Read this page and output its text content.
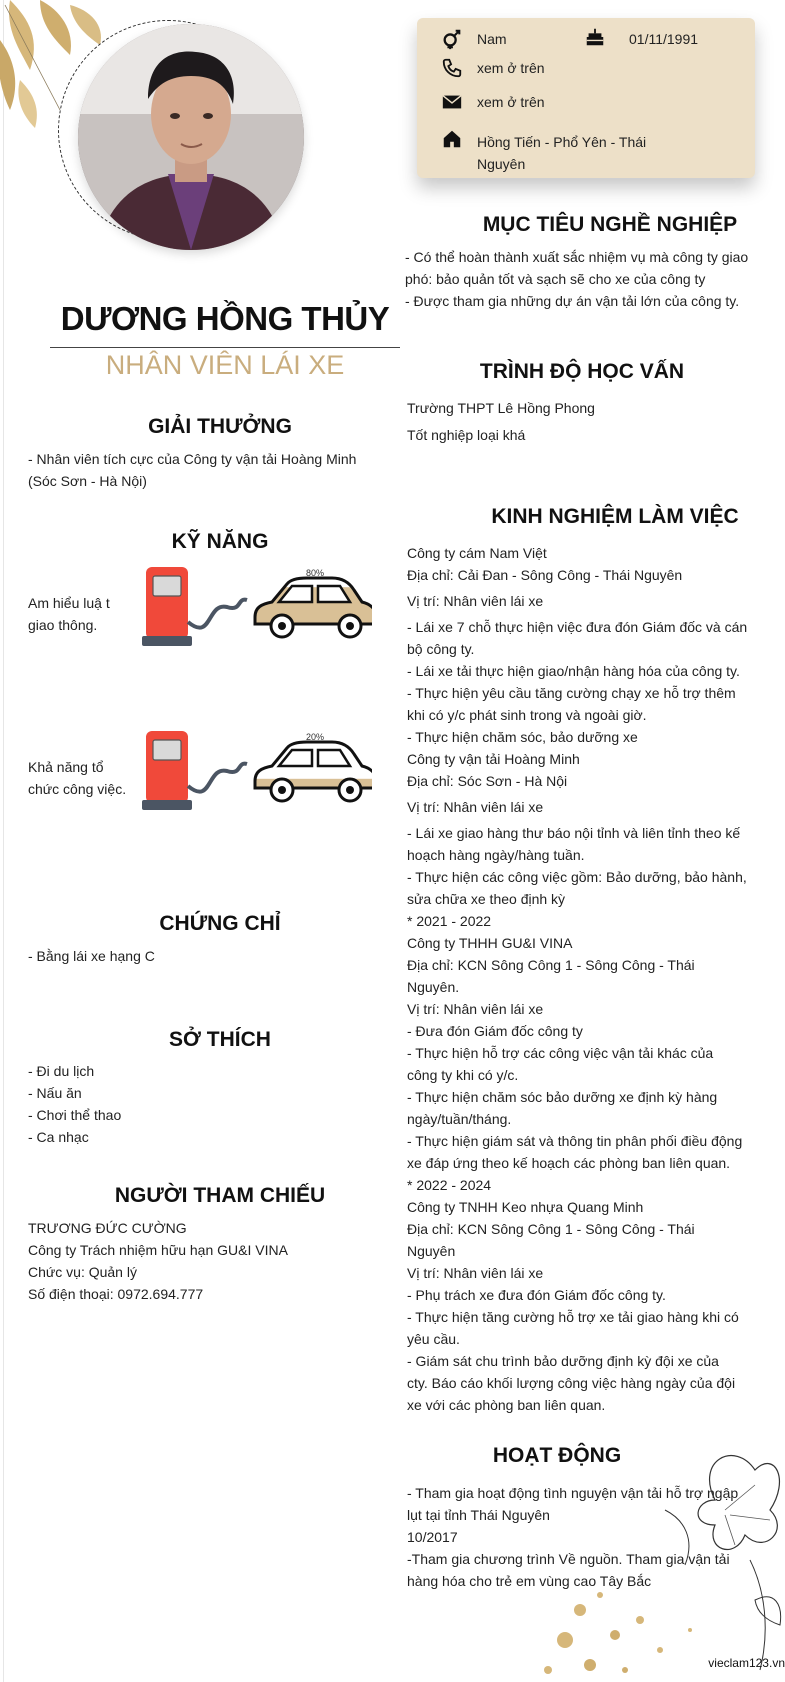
DƯƠNG HỒNG THỦY
NHÂN VIÊN LÁI XE
Nam	01/11/1991
xem ở trên
xem ở trên
Hồng Tiến - Phổ Yên - Thái
Nguyên
GIẢI THƯỞNG
- Nhân viên tích cực của Công ty vận tải Hoàng Minh
(Sóc Sơn - Hà Nội)
KỸ NĂNG
Am hiểu luậ t
giao thông.
80%
Khả năng tổ
chức công việc.
20%
CHỨNG CHỈ
- Bằng lái xe hạng C
SỞ THÍCH
- Đi du lịch
- Nấu ăn
- Chơi thể thao
- Ca nhạc
NGƯỜI THAM CHIẾU
TRƯƠNG ĐỨC CƯỜNG
Công ty Trách nhiệm hữu hạn GU&I VINA
Chức vụ: Quản lý
Số điện thoại: 0972.694.777
MỤC TIÊU NGHỀ NGHIỆP
- Có thể hoàn thành xuất sắc nhiệm vụ mà công ty giao
phó: bảo quản tốt và sạch sẽ cho xe của công ty
- Được tham gia những dự án vận tải lớn của công ty.
TRÌNH ĐỘ HỌC VẤN
Trường THPT Lê Hồng Phong
Tốt nghiệp loại khá
KINH NGHIỆM LÀM VIỆC
Công ty cám Nam Việt
Địa chỉ: Cải Đan - Sông Công - Thái Nguyên
Vị trí: Nhân viên lái xe
- Lái xe 7 chỗ thực hiện việc đưa đón Giám đốc và cán
bộ công ty.
- Lái xe tải thực hiện giao/nhận hàng hóa của công ty.
- Thực hiện yêu cầu tăng cường chạy xe hỗ trợ thêm
khi có y/c phát sinh trong và ngoài giờ.
- Thực hiện chăm sóc, bảo dưỡng xe
Công ty vận tải Hoàng Minh
Địa chỉ: Sóc Sơn - Hà Nội
Vị trí: Nhân viên lái xe
- Lái xe giao hàng thư báo nội tỉnh và liên tỉnh theo kế
hoạch hàng ngày/hàng tuần.
- Thực hiện các công việc gồm: Bảo dưỡng, bảo hành,
sửa chữa xe theo định kỳ
* 2021 - 2022
Công ty THHH GU&I VINA
Địa chỉ: KCN Sông Công 1 - Sông Công - Thái
Nguyên.
Vị trí: Nhân viên lái xe
- Đưa đón Giám đốc công ty
- Thực hiện hỗ trợ các công việc vận tải khác của
công ty khi có y/c.
- Thực hiện chăm sóc bảo dưỡng xe định kỳ hàng
ngày/tuần/tháng.
- Thực hiện giám sát và thông tin phân phối điều động
xe đáp ứng theo kế hoạch các phòng ban liên quan.
* 2022 - 2024
Công ty TNHH Keo nhựa Quang Minh
Địa chỉ: KCN Sông Công 1 - Sông Công - Thái
Nguyên
Vị trí: Nhân viên lái xe
- Phụ trách xe đưa đón Giám đốc công ty.
- Thực hiện tăng cường hỗ trợ xe tải giao hàng khi có
yêu cầu.
- Giám sát chu trình bảo dưỡng định kỳ đội xe của
cty. Báo cáo khối lượng công việc hàng ngày của đội
xe với các phòng ban liên quan.
HOẠT ĐỘNG
- Tham gia hoạt động tình nguyện vận tải hỗ trợ ngập
lụt tại tỉnh Thái Nguyên
10/2017
-Tham gia chương trình Về nguồn. Tham gia vận tải
hàng hóa cho trẻ em vùng cao Tây Bắc
vieclam123.vn
